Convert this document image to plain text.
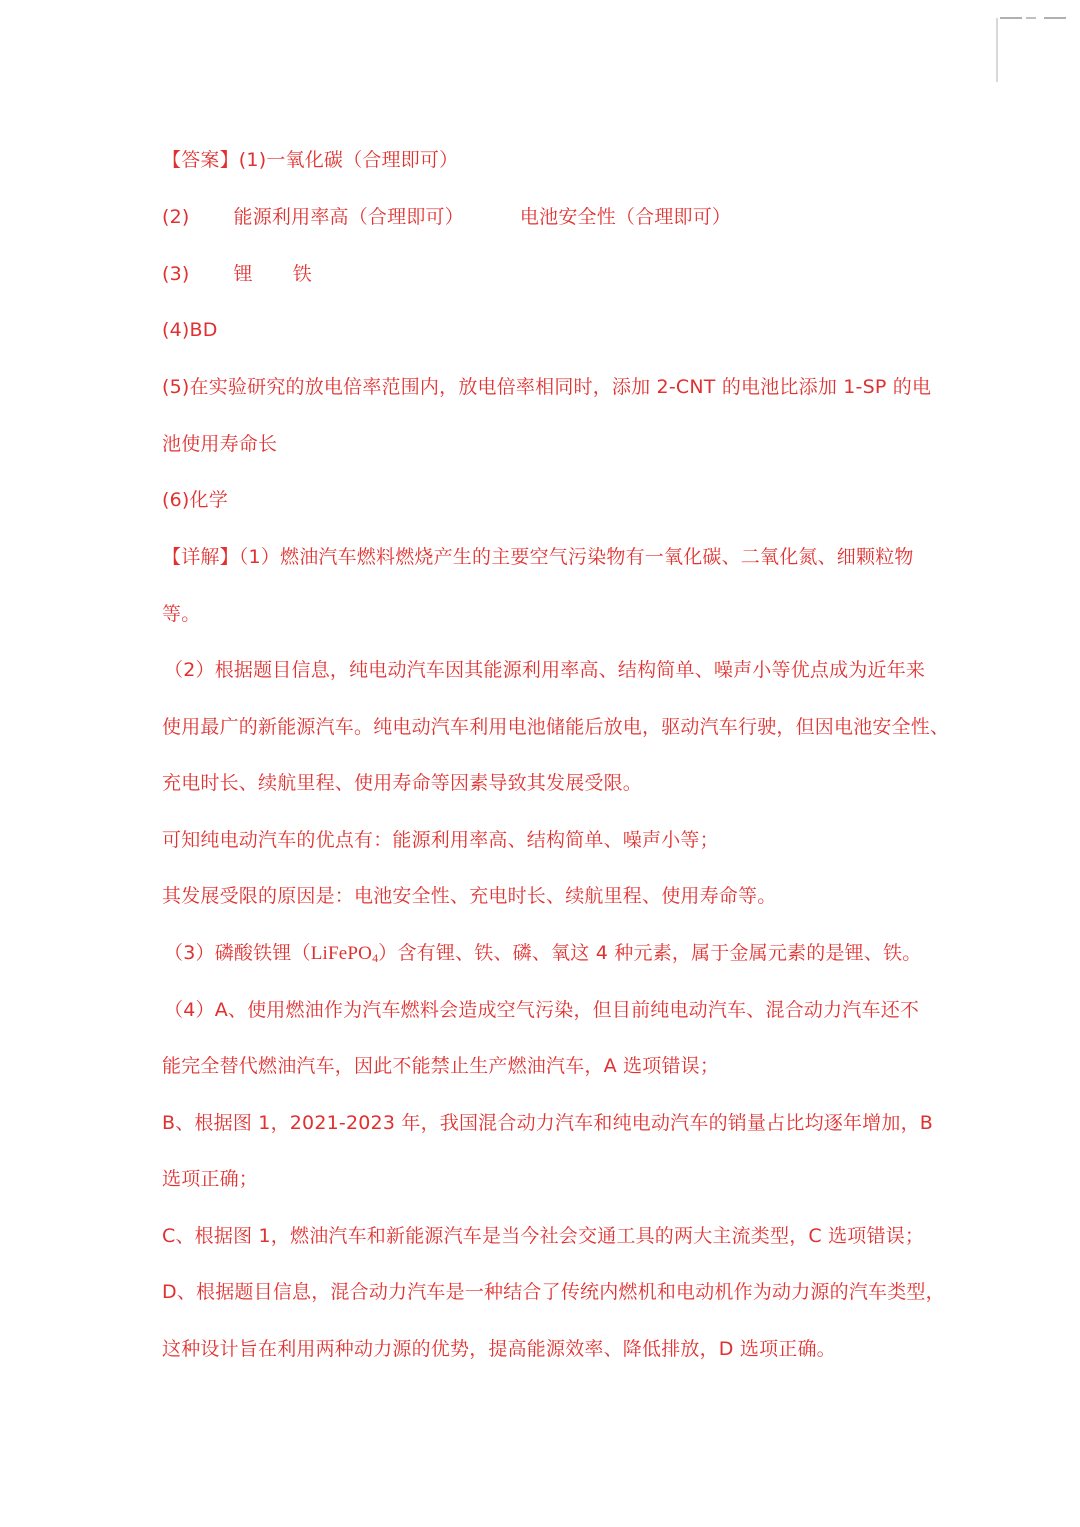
【答案】(1)一氧化碳（合理即可）
(2) 能源利用率高（合理即可）	电池安全性（合理即可）
(3) 锂 铁
(4)BD
(5)在实验研究的放电倍率范围内，放电倍率相同时，添加 2-CNT 的电池比添加 1-SP 的电
池使用寿命长
(6)化学
【详解】（1）燃油汽车燃料燃烧产生的主要空气污染物有一氧化碳、二氧化氮、细颗粒物
等。
（2）根据题目信息，纯电动汽车因其能源利用率高、结构简单、噪声小等优点成为近年来
使用最广的新能源汽车。纯电动汽车利用电池储能后放电，驱动汽车行驶，但因电池安全性、
充电时长、续航里程、使用寿命等因素导致其发展受限。
可知纯电动汽车的优点有：能源利用率高、结构简单、噪声小等；
其发展受限的原因是：电池安全性、充电时长、续航里程、使用寿命等。
（3）磷酸铁锂（LiFePO$_4$）含有锂、铁、磷、氧这 4 种元素，属于金属元素的是锂、铁。
（4）A、使用燃油作为汽车燃料会造成空气污染，但目前纯电动汽车、混合动力汽车还不
能完全替代燃油汽车，因此不能禁止生产燃油汽车，A 选项错误；
B、根据图 1，2021-2023 年，我国混合动力汽车和纯电动汽车的销量占比均逐年增加，B
选项正确；
C、根据图 1，燃油汽车和新能源汽车是当今社会交通工具的两大主流类型，C 选项错误；
D、根据题目信息，混合动力汽车是一种结合了传统内燃机和电动机作为动力源的汽车类型，
这种设计旨在利用两种动力源的优势，提高能源效率、降低排放，D 选项正确。
